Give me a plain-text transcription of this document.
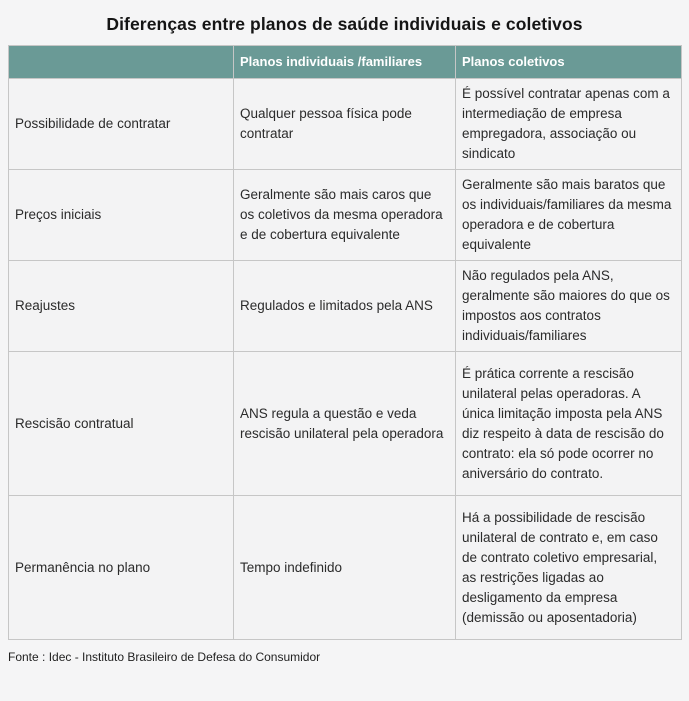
Diferenças entre planos de saúde individuais e coletivos
	Planos individuais /familiares	Planos coletivos
Possibilidade de contratar	Qualquer pessoa física pode contratar	É possível contratar apenas com a intermediação de empresa empregadora, associação ou sindicato
Preços iniciais	Geralmente são mais caros que os coletivos da mesma operadora e de cobertura equivalente	Geralmente são mais baratos que os individuais/familiares da mesma operadora e de cobertura equivalente
Reajustes	Regulados e limitados pela ANS	Não regulados pela ANS, geralmente são maiores do que os impostos aos contratos individuais/familiares
Rescisão contratual	ANS regula a questão e veda rescisão unilateral pela operadora	É prática corrente a rescisão unilateral pelas operadoras. A única limitação imposta pela ANS diz respeito à data de rescisão do contrato: ela só pode ocorrer no aniversário do contrato.
Permanência no plano	Tempo indefinido	Há a possibilidade de rescisão unilateral de contrato e, em caso de contrato coletivo empresarial, as restrições ligadas ao desligamento da empresa (demissão ou aposentadoria)
Fonte : Idec - Instituto Brasileiro de Defesa do Consumidor
